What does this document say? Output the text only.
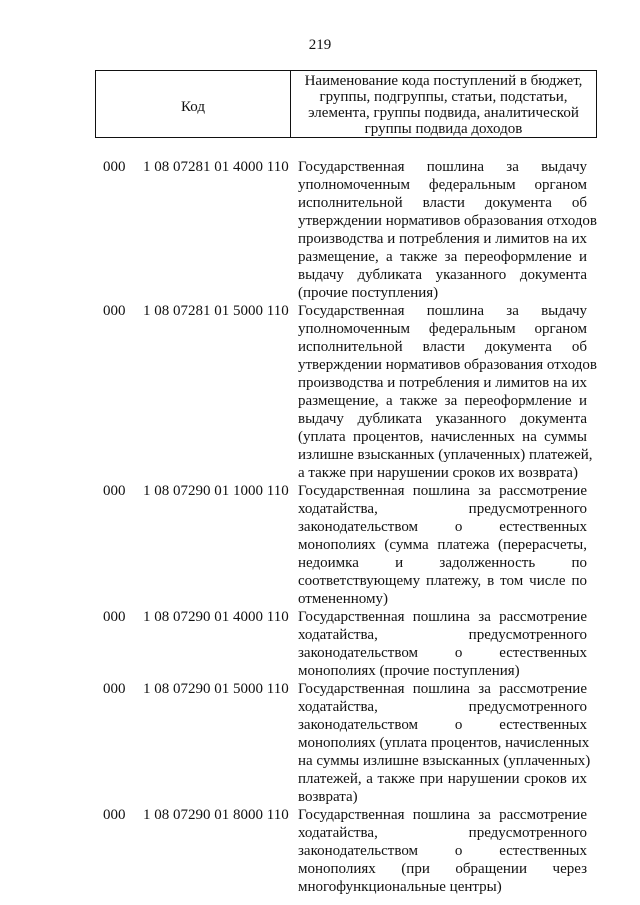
219
Код
Наименование кода поступлений в бюджет,
группы, подгруппы, статьи, подстатьи,
элемента, группы подвида, аналитической
группы подвида доходов
000	1 08 07281 01 4000 110 Государственная пошлина за выдачу
уполномоченным федеральным органом
исполнительной власти документа об
утверждении нормативов образования отходов
производства и потребления и лимитов на их
размещение, а также за переоформление и
выдачу дубликата указанного документа
(прочие поступления)
000	1 08 07281 01 5000 110 Государственная пошлина за выдачу
уполномоченным федеральным органом
исполнительной власти документа об
утверждении нормативов образования отходов
производства и потребления и лимитов на их
размещение, а также за переоформление и
выдачу дубликата указанного документа
(уплата процентов, начисленных на суммы
излишне взысканных (уплаченных) платежей,
а также при нарушении сроков их возврата)
000	1 08 07290 01 1000 110 Государственная пошлина за рассмотрение
ходатайства, предусмотренного
законодательством о естественных
монополиях (сумма платежа (перерасчеты,
недоимка и задолженность по
соответствующему платежу, в том числе по
отмененному)
000	1 08 07290 01 4000 110 Государственная пошлина за рассмотрение
ходатайства, предусмотренного
законодательством о естественных
монополиях (прочие поступления)
000	1 08 07290 01 5000 110 Государственная пошлина за рассмотрение
ходатайства, предусмотренного
законодательством о естественных
монополиях (уплата процентов, начисленных
на суммы излишне взысканных (уплаченных)
платежей, а также при нарушении сроков их
возврата)
000	1 08 07290 01 8000 110 Государственная пошлина за рассмотрение
ходатайства, предусмотренного
законодательством о естественных
монополиях (при обращении через
многофункциональные центры)
